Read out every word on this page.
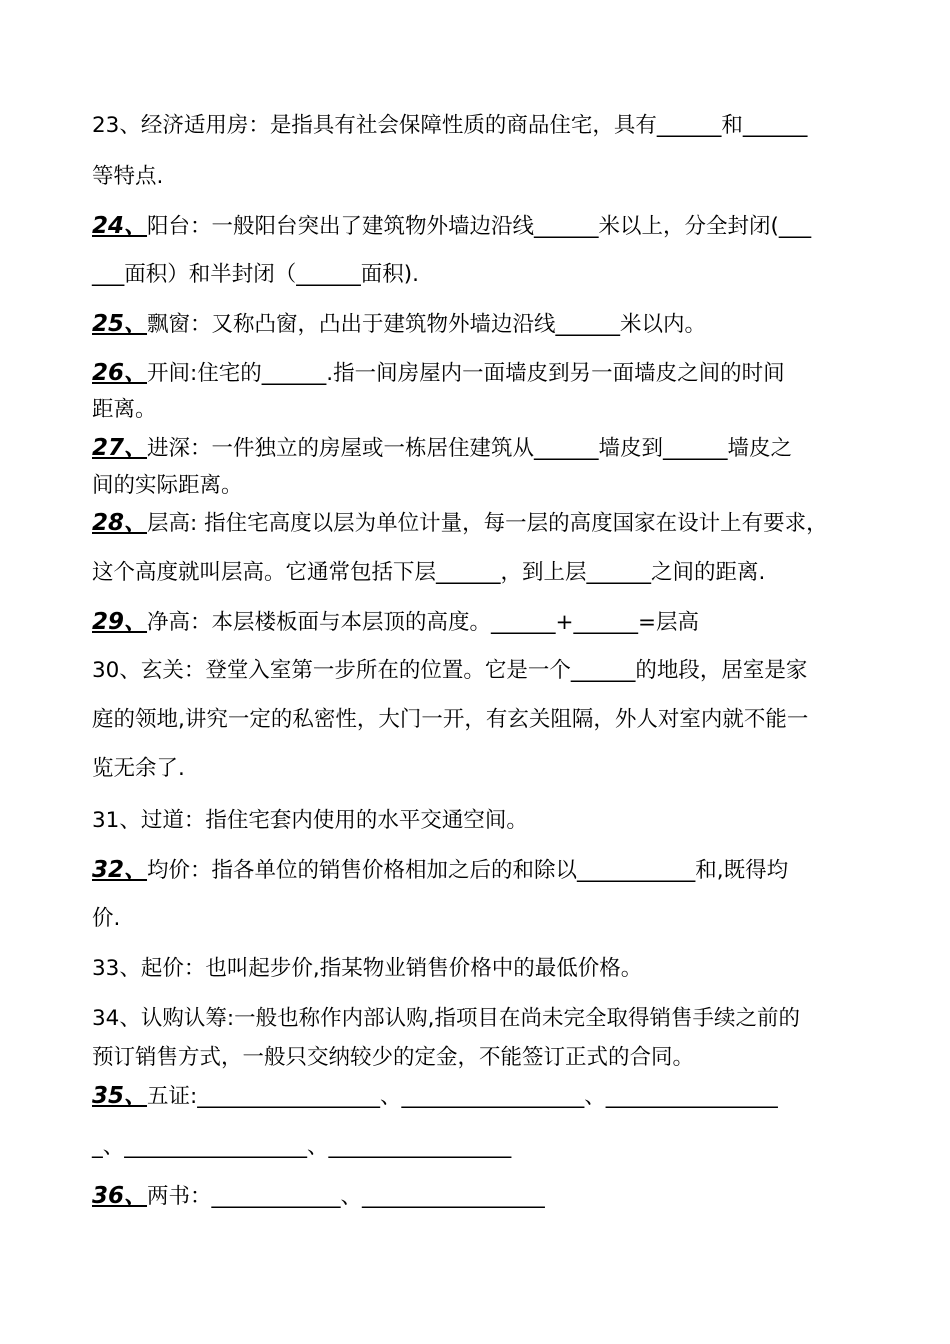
23、经济适用房：是指具有社会保障性质的商品住宅，具有______和______
等特点.
24、阳台：一般阳台突出了建筑物外墙边沿线______米以上，分全封闭(___
___面积）和半封闭（______面积).
25、飘窗：又称凸窗，凸出于建筑物外墙边沿线______米以内。
26、开间:住宅的______.指一间房屋内一面墙皮到另一面墙皮之间的时间
距离。
27、进深：一件独立的房屋或一栋居住建筑从______墙皮到______墙皮之
间的实际距离。
28、层高: 指住宅高度以层为单位计量，每一层的高度国家在设计上有要求，
这个高度就叫层高。它通常包括下层______，到上层______之间的距离.
29、净高：本层楼板面与本层顶的高度。______+______=层高
30、玄关：登堂入室第一步所在的位置。它是一个______的地段，居室是家
庭的领地,讲究一定的私密性，大门一开，有玄关阻隔，外人对室内就不能一
览无余了.
31、过道：指住宅套内使用的水平交通空间。
32、均价：指各单位的销售价格相加之后的和除以___________和,既得均
价.
33、起价：也叫起步价,指某物业销售价格中的最低价格。
34、认购认筹:一般也称作内部认购,指项目在尚未完全取得销售手续之前的
预订销售方式，一般只交纳较少的定金，不能签订正式的合同。
35、五证:_________________、_________________、________________
_、_________________、_________________
36、两书：____________、_________________
